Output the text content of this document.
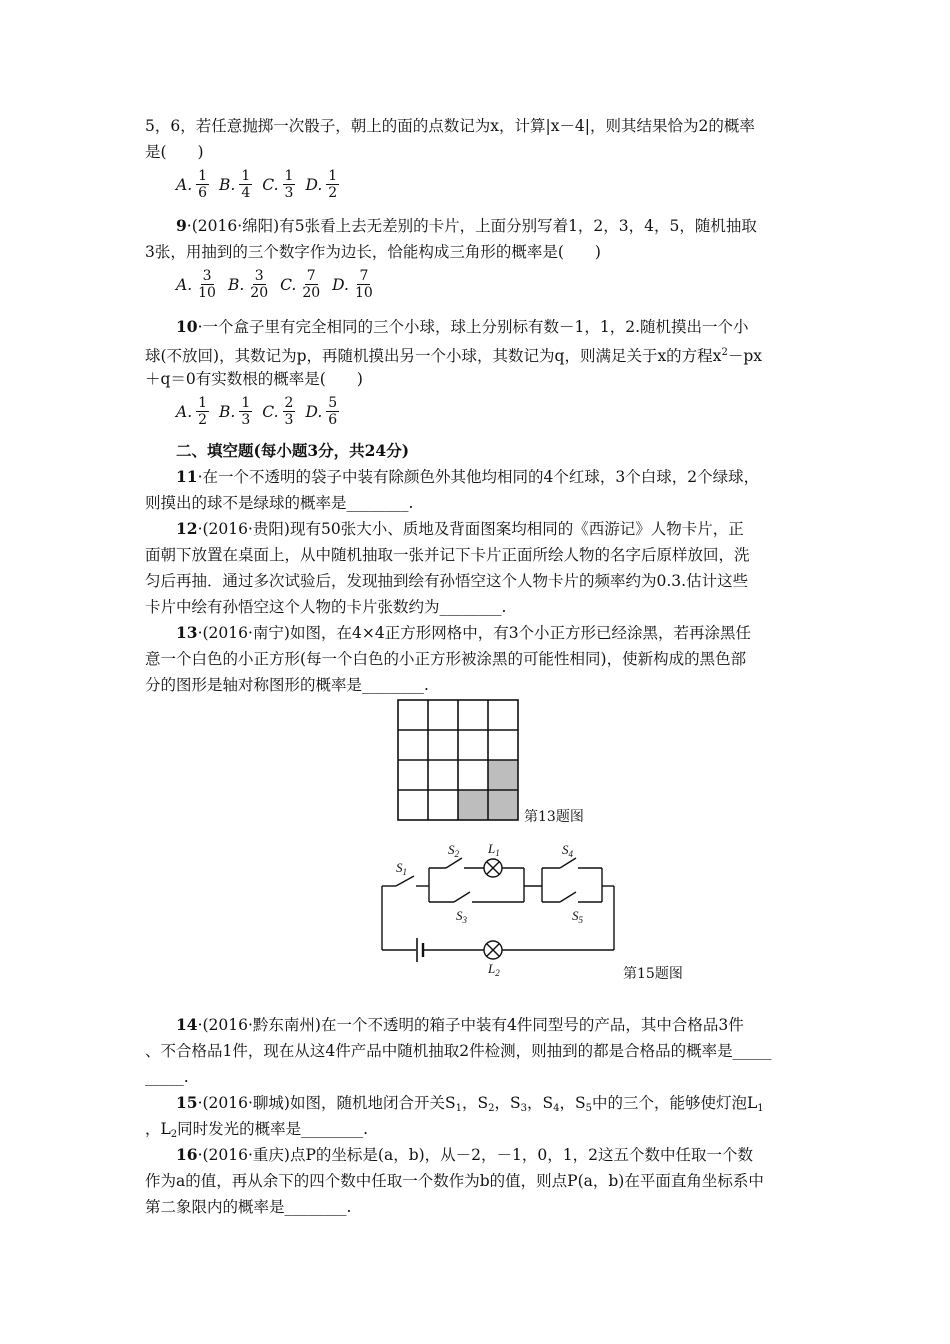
5，6，若任意抛掷一次骰子，朝上的面的点数记为x，计算|x－4|，则其结果恰为2的概率
是(　　)
A. $\frac{1}{6} B$. $\frac{1}{4} C$. $\frac{1}{3} D$. $\frac{1}{2}$
9·(2016·绵阳)有5张看上去无差别的卡片，上面分别写着1，2，3，4，5，随机抽取
3张，用抽到的三个数字作为边长，恰能构成三角形的概率是(　　)
A. $\frac{3}{10} B$. $\frac{3}{20} C$. $\frac{7}{20} D$. $\frac{7}{10}$
10·一个盒子里有完全相同的三个小球，球上分别标有数－1，1，2.随机摸出一个小
球(不放回)，其数记为p，再随机摸出另一个小球，其数记为q，则满足关于x的方程$x^2-px$
＋q＝0有实数根的概率是(　　)
A. $\frac{1}{2} B$. $\frac{1}{3} C$. $\frac{2}{3} D$. $\frac{5}{6}$
二、填空题(每小题3分，共24分)
11·在一个不透明的袋子中装有除颜色外其他均相同的4个红球，3个白球，2个绿球，
则摸出的球不是绿球的概率是________.
12·(2016·贵阳)现有50张大小、质地及背面图案均相同的《西游记》人物卡片，正
面朝下放置在桌面上，从中随机抽取一张并记下卡片正面所绘人物的名字后原样放回，洗
匀后再抽．通过多次试验后，发现抽到绘有孙悟空这个人物卡片的频率约为0.3.估计这些
卡片中绘有孙悟空这个人物的卡片张数约为________.
13·(2016·南宁)如图，在4×4正方形网格中，有3个小正方形已经涂黑，若再涂黑任
意一个白色的小正方形(每一个白色的小正方形被涂黑的可能性相同)，使新构成的黑色部
分的图形是轴对称图形的概率是________.
第13题图
$S_1$
$S_2$ $L_1$
$S_3$
$S_4$
$S_5$
$L_2$	第15题图
14·(2016·黔东南州)在一个不透明的箱子中装有4件同型号的产品，其中合格品3件
、不合格品1件，现在从这4件产品中随机抽取2件检测，则抽到的都是合格品的概率是_____
_____.
15·(2016·聊城)如图，随机地闭合开关$S_1$，$S_2$，$S_3$，$S_4$，$S_5$中的三个，能够使灯泡$L_1$
，$L_2$同时发光的概率是________.
16·(2016·重庆)点P的坐标是(a，b)，从－2，－1，0，1，2这五个数中任取一个数
作为a的值，再从余下的四个数中任取一个数作为b的值，则点P(a，b)在平面直角坐标系中
第二象限内的概率是________.
